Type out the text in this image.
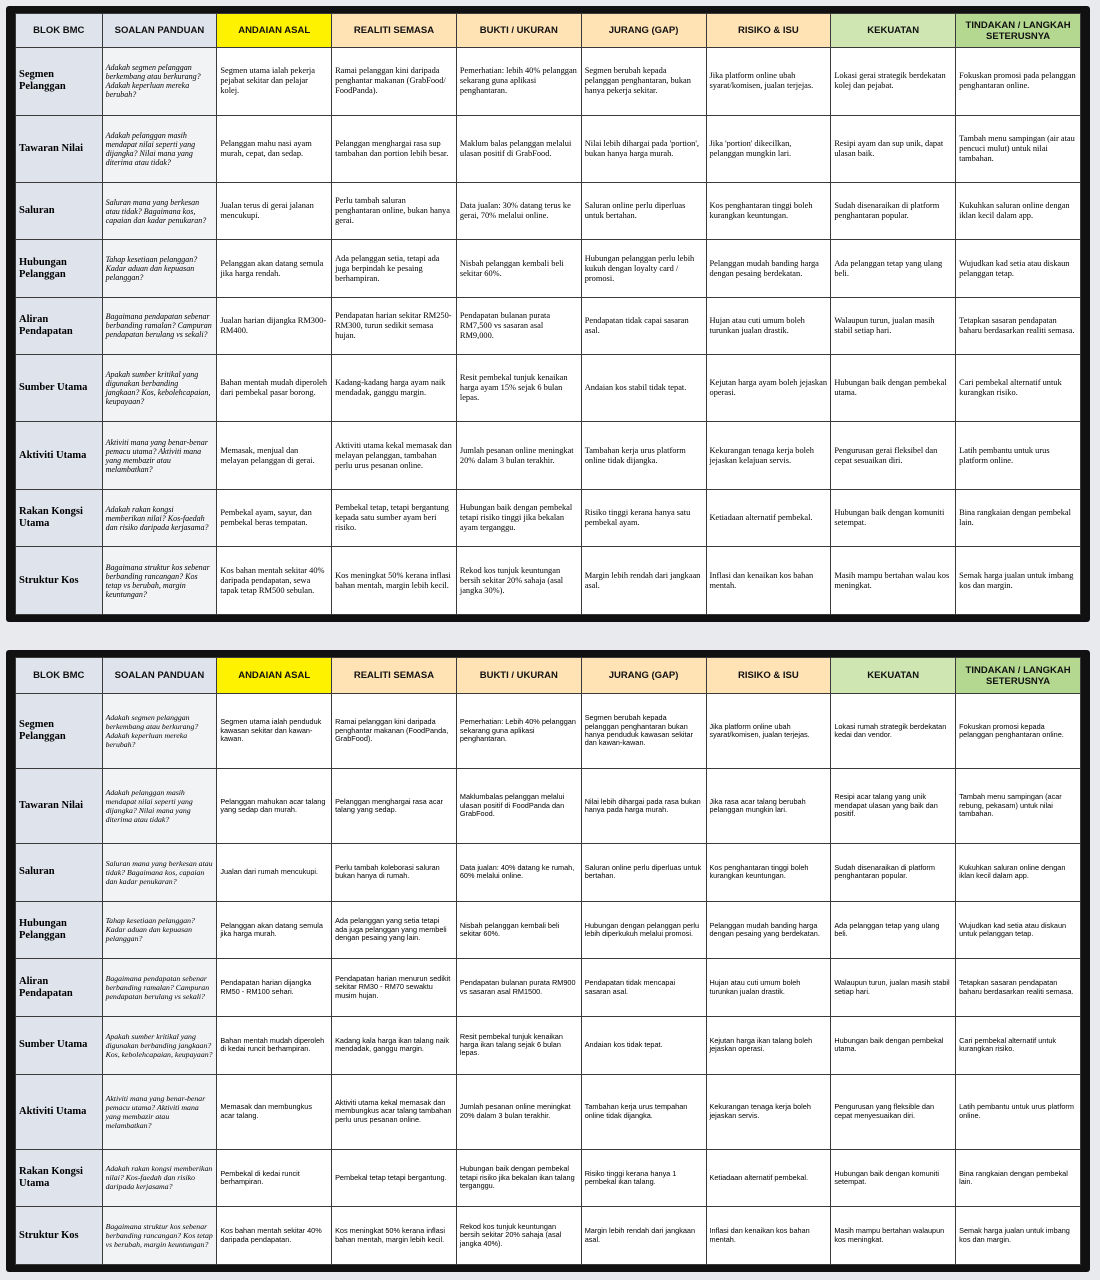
BLOK BMC	SOALAN PANDUAN	ANDAIAN ASAL	REALITI SEMASA	BUKTI / UKURAN	JURANG (GAP)	RISIKO & ISU	KEKUATAN	TINDAKAN / LANGKAH SETERUSNYA
Segmen Pelanggan	Adakah segmen pelanggan berkembang atau berkurang? Adakah keperluan mereka berubah?	Segmen utama ialah pekerja pejabat sekitar dan pelajar kolej.	Ramai pelanggan kini daripada penghantar makanan (GrabFood/ FoodPanda).	Pemerhatian: lebih 40% pelanggan sekarang guna aplikasi penghantaran.	Segmen berubah kepada pelanggan penghantaran, bukan hanya pekerja sekitar.	Jika platform online ubah syarat/komisen, jualan terjejas.	Lokasi gerai strategik berdekatan kolej dan pejabat.	Fokuskan promosi pada pelanggan penghantaran online.
Tawaran Nilai	Adakah pelanggan masih mendapat nilai seperti yang dijangka? Nilai mana yang diterima atau tidak?	Pelanggan mahu nasi ayam murah, cepat, dan sedap.	Pelanggan menghargai rasa sup tambahan dan portion lebih besar.	Maklum balas pelanggan melalui ulasan positif di GrabFood.	Nilai lebih dihargai pada 'portion', bukan hanya harga murah.	Jika 'portion' dikecilkan, pelanggan mungkin lari.	Resipi ayam dan sup unik, dapat ulasan baik.	Tambah menu sampingan (air atau pencuci mulut) untuk nilai tambahan.
Saluran	Saluran mana yang berkesan atau tidak? Bagaimana kos, capaian dan kadar penukaran?	Jualan terus di gerai jalanan mencukupi.	Perlu tambah saluran penghantaran online, bukan hanya gerai.	Data jualan: 30% datang terus ke gerai, 70% melalui online.	Saluran online perlu diperluas untuk bertahan.	Kos penghantaran tinggi boleh kurangkan keuntungan.	Sudah disenaraikan di platform penghantaran popular.	Kukuhkan saluran online dengan iklan kecil dalam app.
Hubungan Pelanggan	Tahap kesetiaan pelanggan? Kadar aduan dan kepuasan pelanggan?	Pelanggan akan datang semula jika harga rendah.	Ada pelanggan setia, tetapi ada juga berpindah ke pesaing berhampiran.	Nisbah pelanggan kembali beli sekitar 60%.	Hubungan pelanggan perlu lebih kukuh dengan loyalty card / promosi.	Pelanggan mudah banding harga dengan pesaing berdekatan.	Ada pelanggan tetap yang ulang beli.	Wujudkan kad setia atau diskaun pelanggan tetap.
Aliran Pendapatan	Bagaimana pendapatan sebenar berbanding ramalan? Campuran pendapatan berulang vs sekali?	Jualan harian dijangka RM300-RM400.	Pendapatan harian sekitar RM250-RM300, turun sedikit semasa hujan.	Pendapatan bulanan purata RM7,500 vs sasaran asal RM9,000.	Pendapatan tidak capai sasaran asal.	Hujan atau cuti umum boleh turunkan jualan drastik.	Walaupun turun, jualan masih stabil setiap hari.	Tetapkan sasaran pendapatan baharu berdasarkan realiti semasa.
Sumber Utama	Apakah sumber kritikal yang digunakan berbanding jangkaan? Kos, kebolehcapaian, keupayaan?	Bahan mentah mudah diperoleh dari pembekal pasar borong.	Kadang-kadang harga ayam naik mendadak, ganggu margin.	Resit pembekal tunjuk kenaikan harga ayam 15% sejak 6 bulan lepas.	Andaian kos stabil tidak tepat.	Kejutan harga ayam boleh jejaskan operasi.	Hubungan baik dengan pembekal utama.	Cari pembekal alternatif untuk kurangkan risiko.
Aktiviti Utama	Aktiviti mana yang benar-benar pemacu utama? Aktiviti mana yang membazir atau melambatkan?	Memasak, menjual dan melayan pelanggan di gerai.	Aktiviti utama kekal memasak dan melayan pelanggan, tambahan perlu urus pesanan online.	Jumlah pesanan online meningkat 20% dalam 3 bulan terakhir.	Tambahan kerja urus platform online tidak dijangka.	Kekurangan tenaga kerja boleh jejaskan kelajuan servis.	Pengurusan gerai fleksibel dan cepat sesuaikan diri.	Latih pembantu untuk urus platform online.
Rakan Kongsi Utama	Adakah rakan kongsi memberikan nilai? Kos-faedah dan risiko daripada kerjasama?	Pembekal ayam, sayur, dan pembekal beras tempatan.	Pembekal tetap, tetapi bergantung kepada satu sumber ayam beri risiko.	Hubungan baik dengan pembekal tetapi risiko tinggi jika bekalan ayam terganggu.	Risiko tinggi kerana hanya satu pembekal ayam.	Ketiadaan alternatif pembekal.	Hubungan baik dengan komuniti setempat.	Bina rangkaian dengan pembekal lain.
Struktur Kos	Bagaimana struktur kos sebenar berbanding rancangan? Kos tetap vs berubah, margin keuntungan?	Kos bahan mentah sekitar 40% daripada pendapatan, sewa tapak tetap RM500 sebulan.	Kos meningkat 50% kerana inflasi bahan mentah, margin lebih kecil.	Rekod kos tunjuk keuntungan bersih sekitar 20% sahaja (asal jangka 30%).	Margin lebih rendah dari jangkaan asal.	Inflasi dan kenaikan kos bahan mentah.	Masih mampu bertahan walau kos meningkat.	Semak harga jualan untuk imbang kos dan margin.
BLOK BMC	SOALAN PANDUAN	ANDAIAN ASAL	REALITI SEMASA	BUKTI / UKURAN	JURANG (GAP)	RISIKO & ISU	KEKUATAN	TINDAKAN / LANGKAH SETERUSNYA
Segmen Pelanggan	Adakah segmen pelanggan berkembang atau berkurang? Adakah keperluan mereka berubah?	Segmen utama ialah penduduk kawasan sekitar dan kawan-kawan.	Ramai pelanggan kini daripada penghantar makanan (FoodPanda, GrabFood).	Pemerhatian: Lebih 40% pelanggan sekarang guna aplikasi penghantaran.	Segmen berubah kepada pelanggan penghantaran bukan hanya penduduk kawasan sekitar dan kawan-kawan.	Jika platform online ubah syarat/komisen, jualan terjejas.	Lokasi rumah strategik berdekatan kedai dan vendor.	Fokuskan promosi kepada pelanggan penghantaran online.
Tawaran Nilai	Adakah pelanggan masih mendapat nilai seperti yang dijangka? Nilai mana yang diterima atau tidak?	Pelanggan mahukan acar talang yang sedap dan murah.	Pelanggan menghargai rasa acar talang yang sedap.	Maklumbalas pelanggan melalui ulasan positif di FoodPanda dan GrabFood.	Nilai lebih dihargai pada rasa bukan hanya pada harga murah.	Jika rasa acar talang berubah pelanggan mungkin lari.	Resipi acar talang yang unik mendapat ulasan yang baik dan positif.	Tambah menu sampingan (acar rebung, pekasam) untuk nilai tambahan.
Saluran	Saluran mana yang berkesan atau tidak? Bagaimana kos, capaian dan kadar penukaran?	Jualan dari rumah mencukupi.	Perlu tambah koleborasi saluran bukan hanya di rumah.	Data jualan: 40% datang ke rumah, 60% melalui online.	Saluran online perlu diperluas untuk bertahan.	Kos penghantaran tinggi boleh kurangkan keuntungan.	Sudah disenaraikan di platform penghantaran popular.	Kukuhkan saluran online dengan iklan kecil dalam app.
Hubungan Pelanggan	Tahap kesetiaan pelanggan? Kadar aduan dan kepuasan pelanggan?	Pelanggan akan datang semula jika harga murah.	Ada pelanggan yang setia tetapi ada juga pelanggan yang membeli dengan pesaing yang lain.	Nisbah pelanggan kembali beli sekitar 60%.	Hubungan dengan pelanggan perlu lebih diperkukuh melalui promosi.	Pelanggan mudah banding harga dengan pesaing yang berdekatan.	Ada pelanggan tetap yang ulang beli.	Wujudkan kad setia atau diskaun untuk pelanggan tetap.
Aliran Pendapatan	Bagaimana pendapatan sebenar berbanding ramalan? Campuran pendapatan berulang vs sekali?	Pendapatan harian dijangka RM50 - RM100 sehari.	Pendapatan harian menurun sedikit sekitar RM30 - RM70 sewaktu musim hujan.	Pendapatan bulanan purata RM900 vs sasaran asal RM1500.	Pendapatan tidak mencapai sasaran asal.	Hujan atau cuti umum boleh turunkan jualan drastik.	Walaupun turun, jualan masih stabil setiap hari.	Tetapkan sasaran pendapatan baharu berdasarkan realiti semasa.
Sumber Utama	Apakah sumber kritikal yang digunakan berbanding jangkaan? Kos, kebolehcapaian, keupayaan?	Bahan mentah mudah diperoleh di kedai runcit berhampiran.	Kadang kala harga ikan talang naik mendadak, ganggu margin.	Resit pembekal tunjuk kenaikan harga ikan talang sejak 6 bulan lepas.	Andaian kos tidak tepat.	Kejutan harga ikan talang boleh jejaskan operasi.	Hubungan baik dengan pembekal utama.	Cari pembekal alternatif untuk kurangkan risiko.
Aktiviti Utama	Aktiviti mana yang benar-benar pemacu utama? Aktiviti mana yang membazir atau melambatkan?	Memasak dan membungkus acar talang.	Aktiviti utama kekal memasak dan membungkus acar talang tambahan perlu urus pesanan online.	Jumlah pesanan online meningkat 20% dalam 3 bulan terakhir.	Tambahan kerja urus tempahan online tidak dijangka.	Kekurangan tenaga kerja boleh jejaskan servis.	Pengurusan yang fleksible dan cepat menyesuaikan diri.	Latih pembantu untuk urus platform online.
Rakan Kongsi Utama	Adakah rakan kongsi memberikan nilai? Kos-faedah dan risiko daripada kerjasama?	Pembekal di kedai runcit berhampiran.	Pembekal tetap tetapi bergantung.	Hubungan baik dengan pembekal tetapi risiko jika bekalan ikan talang terganggu.	Risiko tinggi kerana hanya 1 pembekal ikan talang.	Ketiadaan alternatif pembekal.	Hubungan baik dengan komuniti setempat.	Bina rangkaian dengan pembekal lain.
Struktur Kos	Bagaimana struktur kos sebenar berbanding rancangan? Kos tetap vs berubah, margin keuntungan?	Kos bahan mentah sekitar 40% daripada pendapatan.	Kos meningkat 50% kerana inflasi bahan mentah, margin lebih kecil.	Rekod kos tunjuk keuntungan bersih sekitar 20% sahaja (asal jangka 40%).	Margin lebih rendah dari jangkaan asal.	Inflasi dan kenaikan kos bahan mentah.	Masih mampu bertahan walaupun kos meningkat.	Semak harga jualan untuk imbang kos dan margin.
